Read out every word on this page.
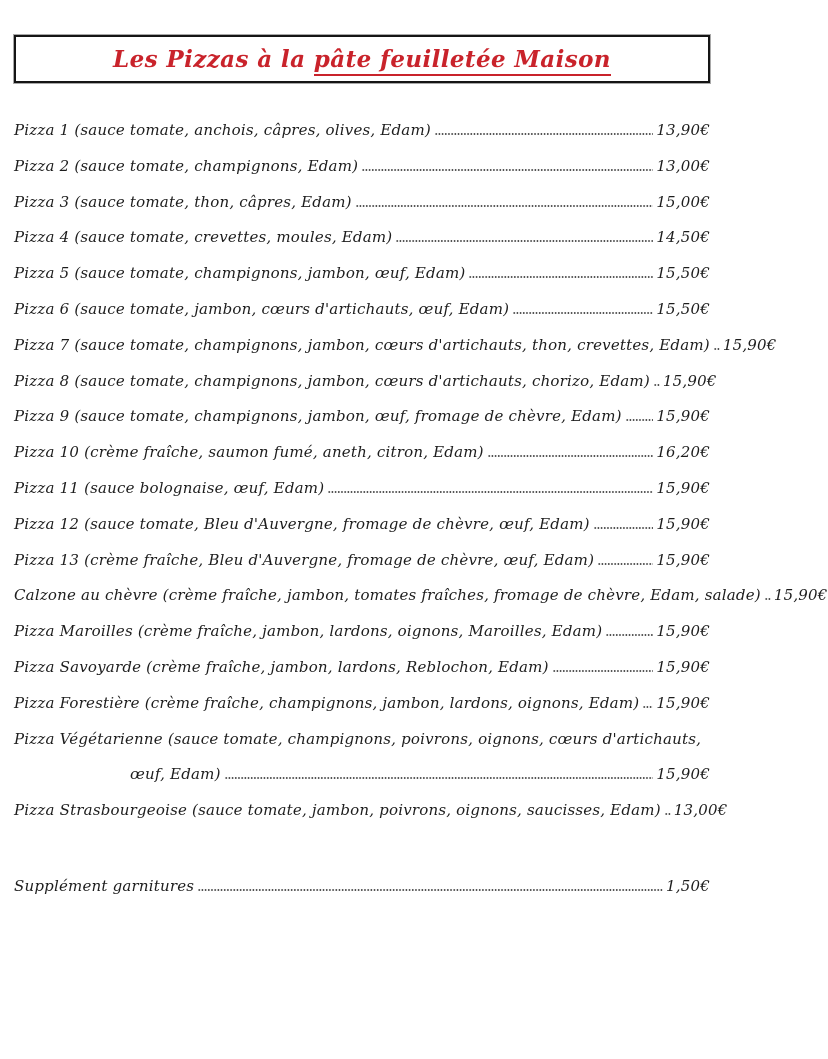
Les Pizzas à la pâte feuilletée Maison
Pizza 1 (sauce tomate, anchois, câpres, olives, Edam)	13,90€
Pizza 2 (sauce tomate, champignons, Edam)	13,00€
Pizza 3 (sauce tomate, thon, câpres, Edam)	15,00€
Pizza 4 (sauce tomate, crevettes, moules, Edam)	14,50€
Pizza 5 (sauce tomate, champignons, jambon, œuf, Edam)	15,50€
Pizza 6 (sauce tomate, jambon, cœurs d'artichauts, œuf, Edam)	15,50€
Pizza 7 (sauce tomate, champignons, jambon, cœurs d'artichauts, thon, crevettes, Edam) 15,90€
Pizza 8 (sauce tomate, champignons, jambon, cœurs d'artichauts, chorizo, Edam) 15,90€
Pizza 9 (sauce tomate, champignons, jambon, œuf, fromage de chèvre, Edam) 15,90€
Pizza 10 (crème fraîche, saumon fumé, aneth, citron, Edam)	16,20€
Pizza 11 (sauce bolognaise, œuf, Edam)	15,90€
Pizza 12 (sauce tomate, Bleu d'Auvergne, fromage de chèvre, œuf, Edam)	15,90€
Pizza 13 (crème fraîche, Bleu d'Auvergne, fromage de chèvre, œuf, Edam)	15,90€
Calzone au chèvre (crème fraîche, jambon, tomates fraîches, fromage de chèvre, Edam, salade) 15,90€
Pizza Maroilles (crème fraîche, jambon, lardons, oignons, Maroilles, Edam)	15,90€
Pizza Savoyarde (crème fraîche, jambon, lardons, Reblochon, Edam)	15,90€
Pizza Forestière (crème fraîche, champignons, jambon, lardons, oignons, Edam) 15,90€
Pizza Végétarienne (sauce tomate, champignons, poivrons, oignons, cœurs d'artichauts,
œuf, Edam)	15,90€
Pizza Strasbourgeoise (sauce tomate, jambon, poivrons, oignons, saucisses, Edam) 13,00€
Supplément garnitures	1,50€
